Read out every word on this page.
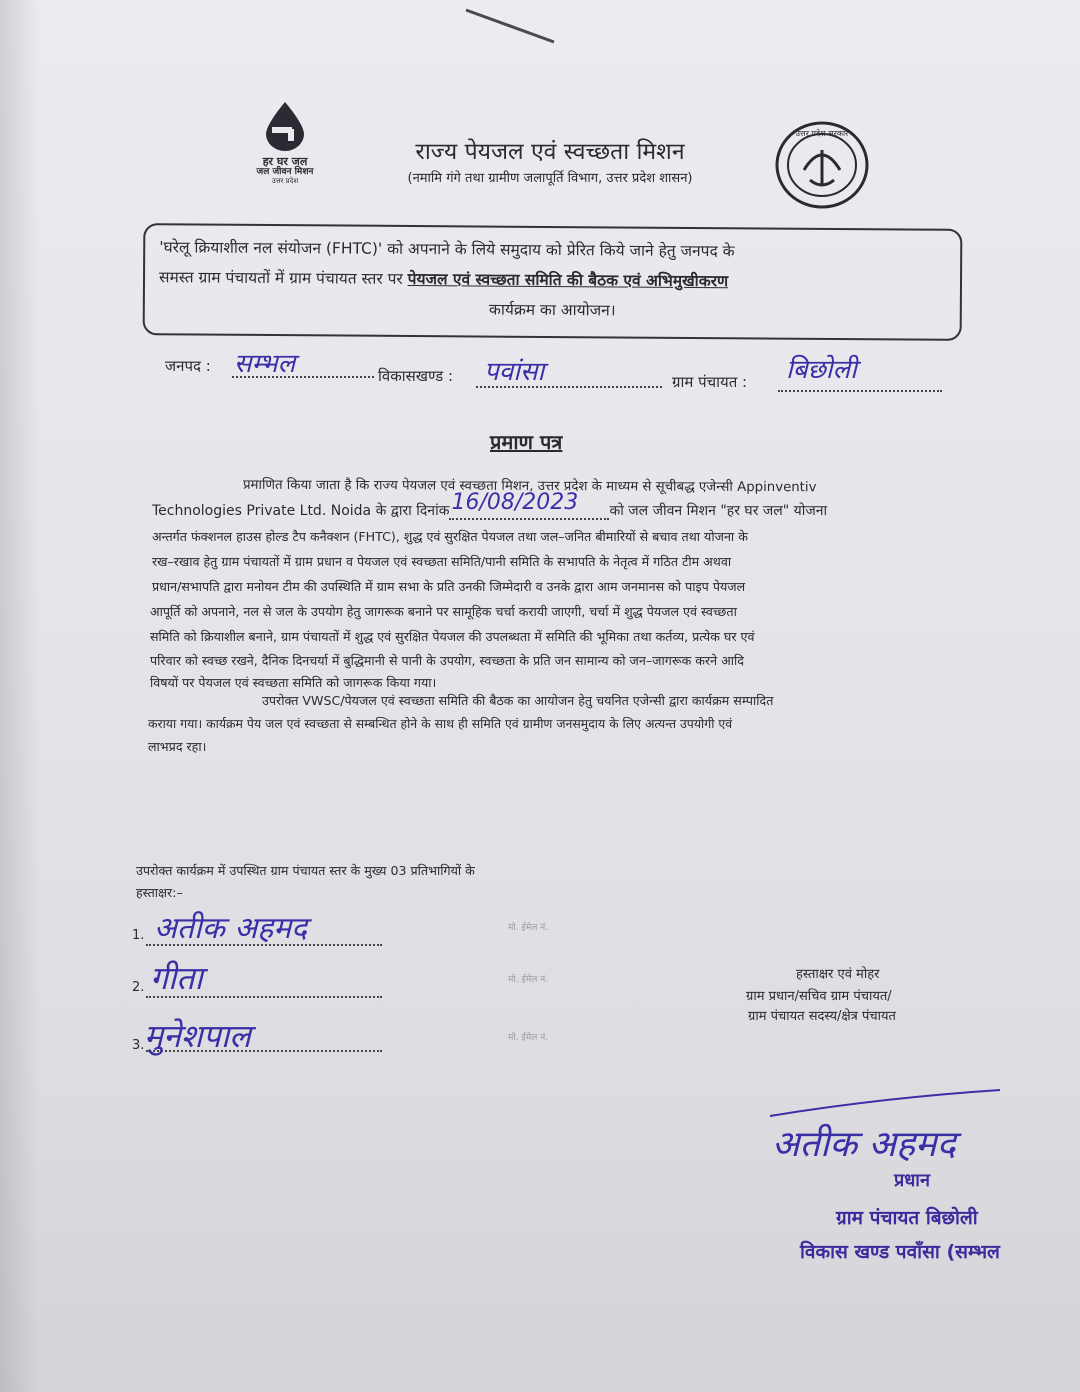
हर घर जल
जल जीवन मिशन
उत्तर प्रदेश
राज्य पेयजल एवं स्वच्छता मिशन
(नमामि गंगे तथा ग्रामीण जलापूर्ति विभाग, उत्तर प्रदेश शासन)
उत्तर प्रदेश सरकार
'घरेलू क्रियाशील नल संयोजन (FHTC)' को अपनाने के लिये समुदाय को प्रेरित किये जाने हेतु जनपद के
समस्त ग्राम पंचायतों में ग्राम पंचायत स्तर पर पेयजल एवं स्वच्छता समिति की बैठक एवं अभिमुखीकरण
कार्यक्रम का आयोजन।
जनपद : सम्भल	विकासखण्ड : पवांसा	ग्राम पंचायत : बिछोली
प्रमाण पत्र
प्रमाणित किया जाता है कि राज्य पेयजल एवं स्वच्छता मिशन, उत्तर प्रदेश के माध्यम से सूचीबद्ध एजेन्सी Appinventiv
Technologies Private Ltd. Noida के द्वारा दिनांक 16/08/2023 को जल जीवन मिशन "हर घर जल" योजना
अन्तर्गत फंक्शनल हाउस होल्ड टैप कनैक्शन (FHTC), शुद्ध एवं सुरक्षित पेयजल तथा जल–जनित बीमारियों से बचाव तथा योजना के
रख–रखाव हेतु ग्राम पंचायतों में ग्राम प्रधान व पेयजल एवं स्वच्छता समिति/पानी समिति के सभापति के नेतृत्व में गठित टीम अथवा
प्रधान/सभापति द्वारा मनोयन टीम की उपस्थिति में ग्राम सभा के प्रति उनकी जिम्मेदारी व उनके द्वारा आम जनमानस को पाइप पेयजल
आपूर्ति को अपनाने, नल से जल के उपयोग हेतु जागरूक बनाने पर सामूहिक चर्चा करायी जाएगी, चर्चा में शुद्ध पेयजल एवं स्वच्छता
समिति को क्रियाशील बनाने, ग्राम पंचायतों में शुद्ध एवं सुरक्षित पेयजल की उपलब्धता में समिति की भूमिका तथा कर्तव्य, प्रत्येक घर एवं
परिवार को स्वच्छ रखने, दैनिक दिनचर्या में बुद्धिमानी से पानी के उपयोग, स्वच्छता के प्रति जन सामान्य को जन–जागरूक करने आदि
विषयों पर पेयजल एवं स्वच्छता समिति को जागरूक किया गया।
उपरोक्त VWSC/पेयजल एवं स्वच्छता समिति की बैठक का आयोजन हेतु चयनित एजेन्सी द्वारा कार्यक्रम सम्पादित
कराया गया। कार्यक्रम पेय जल एवं स्वच्छता से सम्बन्धित होने के साथ ही समिति एवं ग्रामीण जनसमुदाय के लिए अत्यन्त उपयोगी एवं
लाभप्रद रहा।
उपरोक्त कार्यक्रम में उपस्थित ग्राम पंचायत स्तर के मुख्य 03 प्रतिभागियों के
हस्ताक्षर:–
1. अतीक अहमद	मो. ईमेल नं.
2. गीता	मो. ईमेल नं.
3. मुनेशपाल	मो. ईमेल नं.
हस्ताक्षर एवं मोहर
ग्राम प्रधान/सचिव ग्राम पंचायत/
ग्राम पंचायत सदस्य/क्षेत्र पंचायत
अतीक अहमद
प्रधान
ग्राम पंचायत बिछोली
विकास खण्ड पवाँसा (सम्भल
